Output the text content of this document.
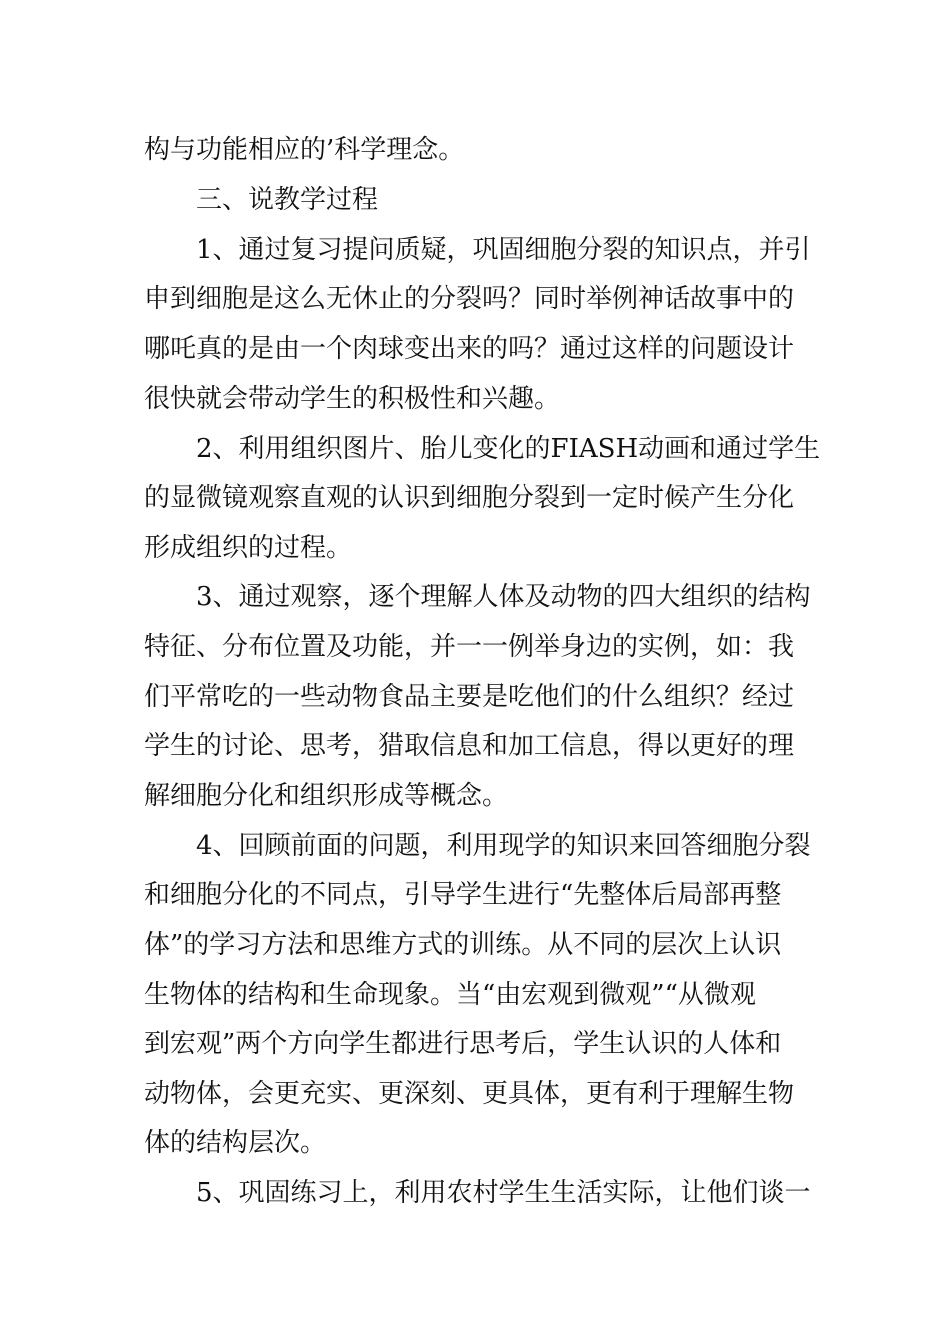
构与功能相应的’科学理念。
三、说教学过程
1、通过复习提问质疑，巩固细胞分裂的知识点，并引
申到细胞是这么无休止的分裂吗？同时举例神话故事中的
哪吒真的是由一个肉球变出来的吗？通过这样的问题设计
很快就会带动学生的积极性和兴趣。
2、利用组织图片、胎儿变化的FIASH动画和通过学生
的显微镜观察直观的认识到细胞分裂到一定时候产生分化
形成组织的过程。
3、通过观察，逐个理解人体及动物的四大组织的结构
特征、分布位置及功能，并一一例举身边的实例，如：我
们平常吃的一些动物食品主要是吃他们的什么组织？经过
学生的讨论、思考，猎取信息和加工信息，得以更好的理
解细胞分化和组织形成等概念。
4、回顾前面的问题，利用现学的知识来回答细胞分裂
和细胞分化的不同点，引导学生进行“先整体后局部再整
体”的学习方法和思维方式的训练。从不同的层次上认识
生物体的结构和生命现象。当“由宏观到微观”“从微观
到宏观”两个方向学生都进行思考后，学生认识的人体和
动物体，会更充实、更深刻、更具体，更有利于理解生物
体的结构层次。
5、巩固练习上，利用农村学生生活实际，让他们谈一
